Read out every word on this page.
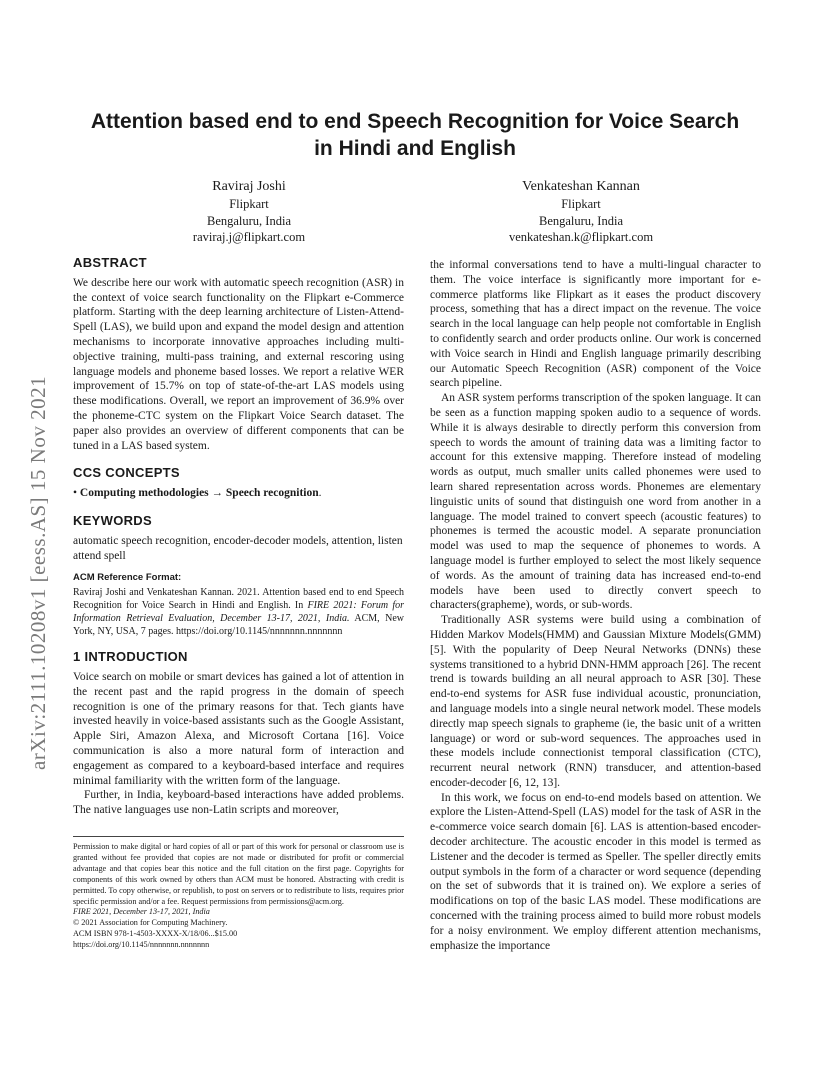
arXiv:2111.10208v1 [eess.AS] 15 Nov 2021
Attention based end to end Speech Recognition for Voice Search
in Hindi and English
Raviraj Joshi
Flipkart
Bengaluru, India
raviraj.j@flipkart.com
Venkateshan Kannan
Flipkart
Bengaluru, India
venkateshan.k@flipkart.com
ABSTRACT

We describe here our work with automatic speech recognition (ASR) in the context of voice search functionality on the Flipkart e-Commerce platform. Starting with the deep learning architecture of Listen-Attend-Spell (LAS), we build upon and expand the model design and attention mechanisms to incorporate innovative approaches including multi-objective training, multi-pass training, and external rescoring using language models and phoneme based losses. We report a relative WER improvement of 15.7% on top of state-of-the-art LAS models using these modifications. Overall, we report an improvement of 36.9% over the phoneme-CTC system on the Flipkart Voice Search dataset. The paper also provides an overview of different components that can be tuned in a LAS based system.

CCS CONCEPTS

• Computing methodologies → Speech recognition.

KEYWORDS

automatic speech recognition, encoder-decoder models, attention, listen attend spell

ACM Reference Format:

Raviraj Joshi and Venkateshan Kannan. 2021. Attention based end to end Speech Recognition for Voice Search in Hindi and English. In FIRE 2021: Forum for Information Retrieval Evaluation, December 13-17, 2021, India. ACM, New York, NY, USA, 7 pages. https://doi.org/10.1145/nnnnnnn.nnnnnnn

1 INTRODUCTION

Voice search on mobile or smart devices has gained a lot of attention in the recent past and the rapid progress in the domain of speech recognition is one of the primary reasons for that. Tech giants have invested heavily in voice-based assistants such as the Google Assistant, Apple Siri, Amazon Alexa, and Microsoft Cortana [16]. Voice communication is also a more natural form of interaction and engagement as compared to a keyboard-based interface and requires minimal familiarity with the written form of the language.

Further, in India, keyboard-based interactions have added problems. The native languages use non-Latin scripts and moreover,

Permission to make digital or hard copies of all or part of this work for personal or classroom use is granted without fee provided that copies are not made or distributed for profit or commercial advantage and that copies bear this notice and the full citation on the first page. Copyrights for components of this work owned by others than ACM must be honored. Abstracting with credit is permitted. To copy otherwise, or republish, to post on servers or to redistribute to lists, requires prior specific permission and/or a fee. Request permissions from permissions@acm.org.

FIRE 2021, December 13-17, 2021, India

© 2021 Association for Computing Machinery.

ACM ISBN 978-1-4503-XXXX-X/18/06...$15.00

https://doi.org/10.1145/nnnnnnn.nnnnnnn

the informal conversations tend to have a multi-lingual character to them. The voice interface is significantly more important for e-commerce platforms like Flipkart as it eases the product discovery process, something that has a direct impact on the revenue. The voice search in the local language can help people not comfortable in English to confidently search and order products online. Our work is concerned with Voice search in Hindi and English language primarily describing our Automatic Speech Recognition (ASR) component of the Voice search pipeline.

An ASR system performs transcription of the spoken language. It can be seen as a function mapping spoken audio to a sequence of words. While it is always desirable to directly perform this conversion from speech to words the amount of training data was a limiting factor to account for this extensive mapping. Therefore instead of modeling words as output, much smaller units called phonemes were used to learn shared representation across words. Phonemes are elementary linguistic units of sound that distinguish one word from another in a language. The model trained to convert speech (acoustic features) to phonemes is termed the acoustic model. A separate pronunciation model was used to map the sequence of phonemes to words. A language model is further employed to select the most likely sequence of words. As the amount of training data has increased end-to-end models have been used to directly convert speech to characters(grapheme), words, or sub-words.

Traditionally ASR systems were build using a combination of Hidden Markov Models(HMM) and Gaussian Mixture Models(GMM) [5]. With the popularity of Deep Neural Networks (DNNs) these systems transitioned to a hybrid DNN-HMM approach [26]. The recent trend is towards building an all neural approach to ASR [30]. These end-to-end systems for ASR fuse individual acoustic, pronunciation, and language models into a single neural network model. These models directly map speech signals to grapheme (ie, the basic unit of a written language) or word or sub-word sequences. The approaches used in these models include connectionist temporal classification (CTC), recurrent neural network (RNN) transducer, and attention-based encoder-decoder [6, 12, 13].

In this work, we focus on end-to-end models based on attention. We explore the Listen-Attend-Spell (LAS) model for the task of ASR in the e-commerce voice search domain [6]. LAS is attention-based encoder-decoder architecture. The acoustic encoder in this model is termed as Listener and the decoder is termed as Speller. The speller directly emits output symbols in the form of a character or word sequence (depending on the set of subwords that it is trained on). We explore a series of modifications on top of the basic LAS model. These modifications are concerned with the training process aimed to build more robust models for a noisy environment. We employ different attention mechanisms, emphasize the importance
